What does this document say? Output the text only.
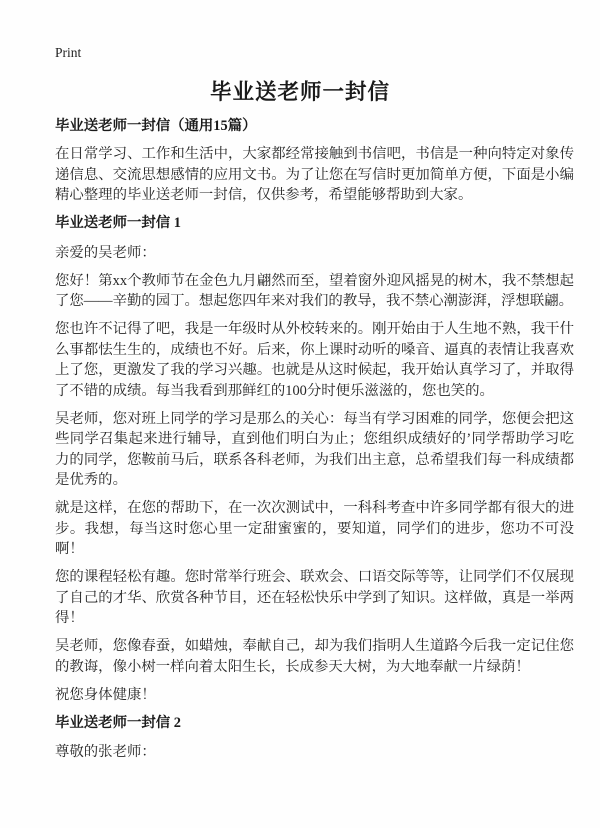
Print
毕业送老师一封信

毕业送老师一封信（通用15篇）

在日常学习、工作和生活中，大家都经常接触到书信吧，书信是一种向特定对象传递信息、交流思想感情的应用文书。为了让您在写信时更加简单方便，下面是小编精心整理的毕业送老师一封信，仅供参考，希望能够帮助到大家。

毕业送老师一封信 1

亲爱的吴老师：

您好！第xx个教师节在金色九月翩然而至，望着窗外迎风摇晃的树木，我不禁想起了您——辛勤的园丁。想起您四年来对我们的教导，我不禁心潮澎湃，浮想联翩。

您也许不记得了吧，我是一年级时从外校转来的。刚开始由于人生地不熟，我干什么事都怯生生的，成绩也不好。后来，你上课时动听的嗓音、逼真的表情让我喜欢上了您，更激发了我的学习兴趣。也就是从这时候起，我开始认真学习了，并取得了不错的成绩。每当我看到那鲜红的100分时便乐滋滋的，您也笑的。

吴老师，您对班上同学的学习是那么的关心：每当有学习困难的同学，您便会把这些同学召集起来进行辅导，直到他们明白为止；您组织成绩好的’同学帮助学习吃力的同学，您鞍前马后，联系各科老师，为我们出主意，总希望我们每一科成绩都是优秀的。

就是这样，在您的帮助下，在一次次测试中，一科科考查中许多同学都有很大的进步。我想，每当这时您心里一定甜蜜蜜的，要知道，同学们的进步，您功不可没啊！

您的课程轻松有趣。您时常举行班会、联欢会、口语交际等等，让同学们不仅展现了自己的才华、欣赏各种节目，还在轻松快乐中学到了知识。这样做，真是一举两得！

吴老师，您像春蚕，如蜡烛，奉献自己，却为我们指明人生道路今后我一定记住您的教诲，像小树一样向着太阳生长，长成参天大树，为大地奉献一片绿荫！

祝您身体健康！

毕业送老师一封信 2

尊敬的张老师：
